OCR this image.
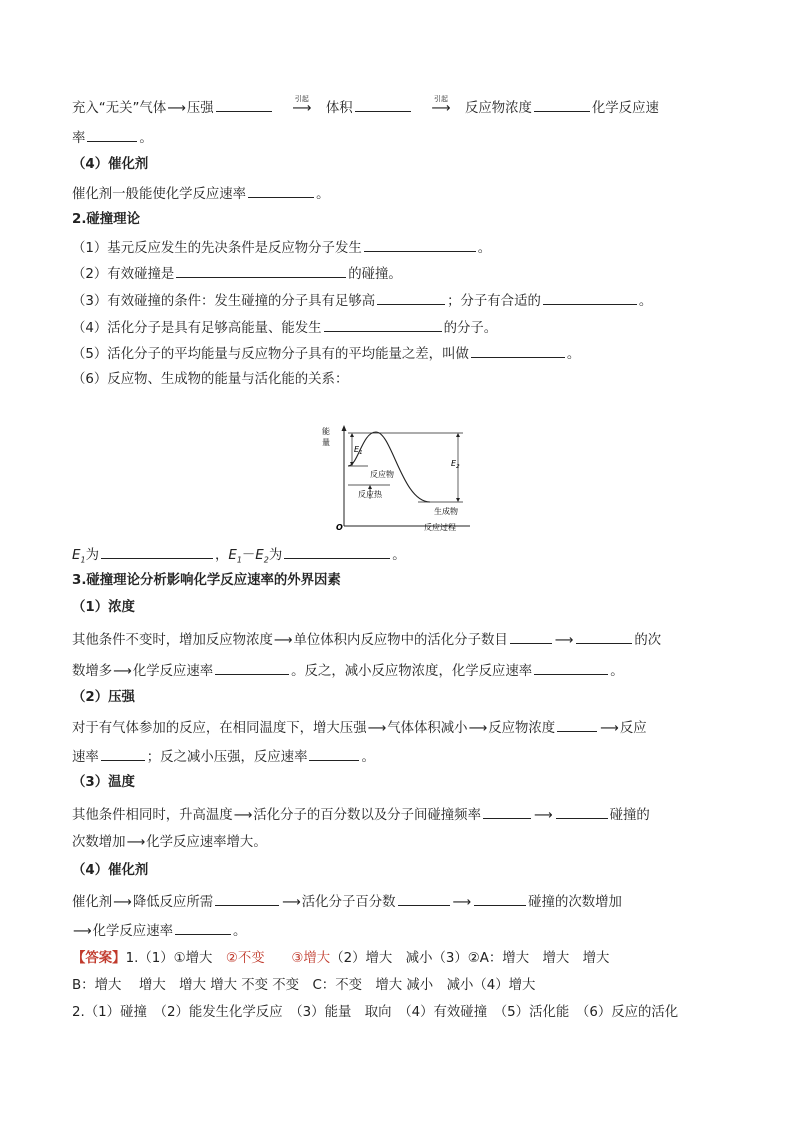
充入“无关”气体⟶压强
引起
⟶ 体积
引起
⟶ 反应物浓度	化学反应速
率	。
（4）催化剂
催化剂一般能使化学反应速率	。
2.碰撞理论
（1）基元反应发生的先决条件是反应物分子发生	。
（2）有效碰撞是	的碰撞。
（3）有效碰撞的条件：发生碰撞的分子具有足够高	；分子有合适的	。
（4）活化分子是具有足够高能量、能发生	的分子。
（5）活化分子的平均能量与反应物分子具有的平均能量之差，叫做	。
（6）反应物、生成物的能量与活化能的关系：
能
量
$E_1$
$E_2$
反应物
反应热
生成物
反应过程
O
$E_1$为	，$E_1-E_2$为	。
3.碰撞理论分析影响化学反应速率的外界因素
（1）浓度
其他条件不变时，增加反应物浓度⟶单位体积内反应物中的活化分子数目	⟶	的次
数增多⟶化学反应速率	。反之，减小反应物浓度，化学反应速率	。
（2）压强
对于有气体参加的反应，在相同温度下，增大压强⟶气体体积减小⟶反应物浓度	⟶反应
速率	；反之减小压强，反应速率	。
（3）温度
其他条件相同时，升高温度⟶活化分子的百分数以及分子间碰撞频率	⟶	碰撞的
次数增加⟶化学反应速率增大。
（4）催化剂
催化剂⟶降低反应所需	⟶活化分子百分数	⟶	碰撞的次数增加
⟶化学反应速率	。
【答案】1.（1）①增大　 ②不变　　 ③增大（2）增大　减小（3）②A：增大　增大　增大
B：增大　 增大　增大 增大 不变 不变　C：不变　增大 减小　减小（4）增大
2.（1）碰撞　（2）能发生化学反应　（3）能量　取向　（4）有效碰撞　（5）活化能　（6）反应的活化
